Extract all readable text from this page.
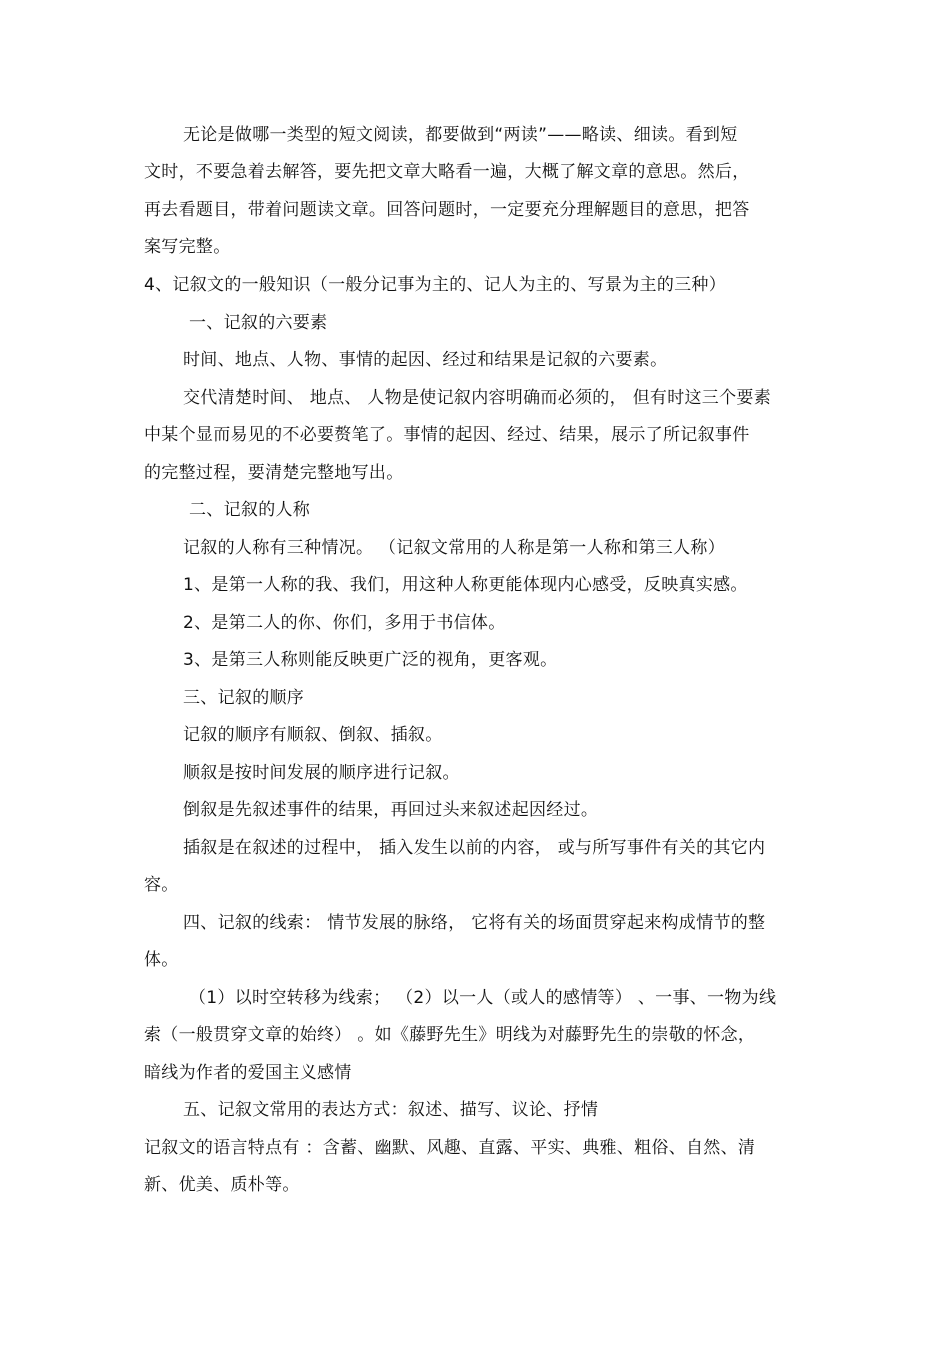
无论是做哪一类型的短文阅读，都要做到“两读”——略读、细读。看到短
文时，不要急着去解答，要先把文章大略看一遍，大概了解文章的意思。然后，
再去看题目，带着问题读文章。回答问题时，一定要充分理解题目的意思，把答
案写完整。
4、记叙文的一般知识（一般分记事为主的、记人为主的、写景为主的三种）
一、记叙的六要素
时间、地点、人物、事情的起因、经过和结果是记叙的六要素。
交代清楚时间、 地点、 人物是使记叙内容明确而必须的， 但有时这三个要素
中某个显而易见的不必要赘笔了。事情的起因、经过、结果，展示了所记叙事件
的完整过程，要清楚完整地写出。
二、记叙的人称
记叙的人称有三种情况。 （记叙文常用的人称是第一人称和第三人称）
1、是第一人称的我、我们，用这种人称更能体现内心感受，反映真实感。
2、是第二人的你、你们，多用于书信体。
3、是第三人称则能反映更广泛的视角，更客观。
三、记叙的顺序
记叙的顺序有顺叙、倒叙、插叙。
顺叙是按时间发展的顺序进行记叙。
倒叙是先叙述事件的结果，再回过头来叙述起因经过。
插叙是在叙述的过程中， 插入发生以前的内容， 或与所写事件有关的其它内
容。
四、记叙的线索： 情节发展的脉络， 它将有关的场面贯穿起来构成情节的整
体。
（1）以时空转移为线索； （2）以一人（或人的感情等） 、一事、一物为线
索（一般贯穿文章的始终） 。如《藤野先生》明线为对藤野先生的崇敬的怀念，
暗线为作者的爱国主义感情
五、记叙文常用的表达方式：叙述、描写、议论、抒情
记叙文的语言特点有 ：含蓄、幽默、风趣、直露、平实、典雅、粗俗、自然、清
新、优美、质朴等。
